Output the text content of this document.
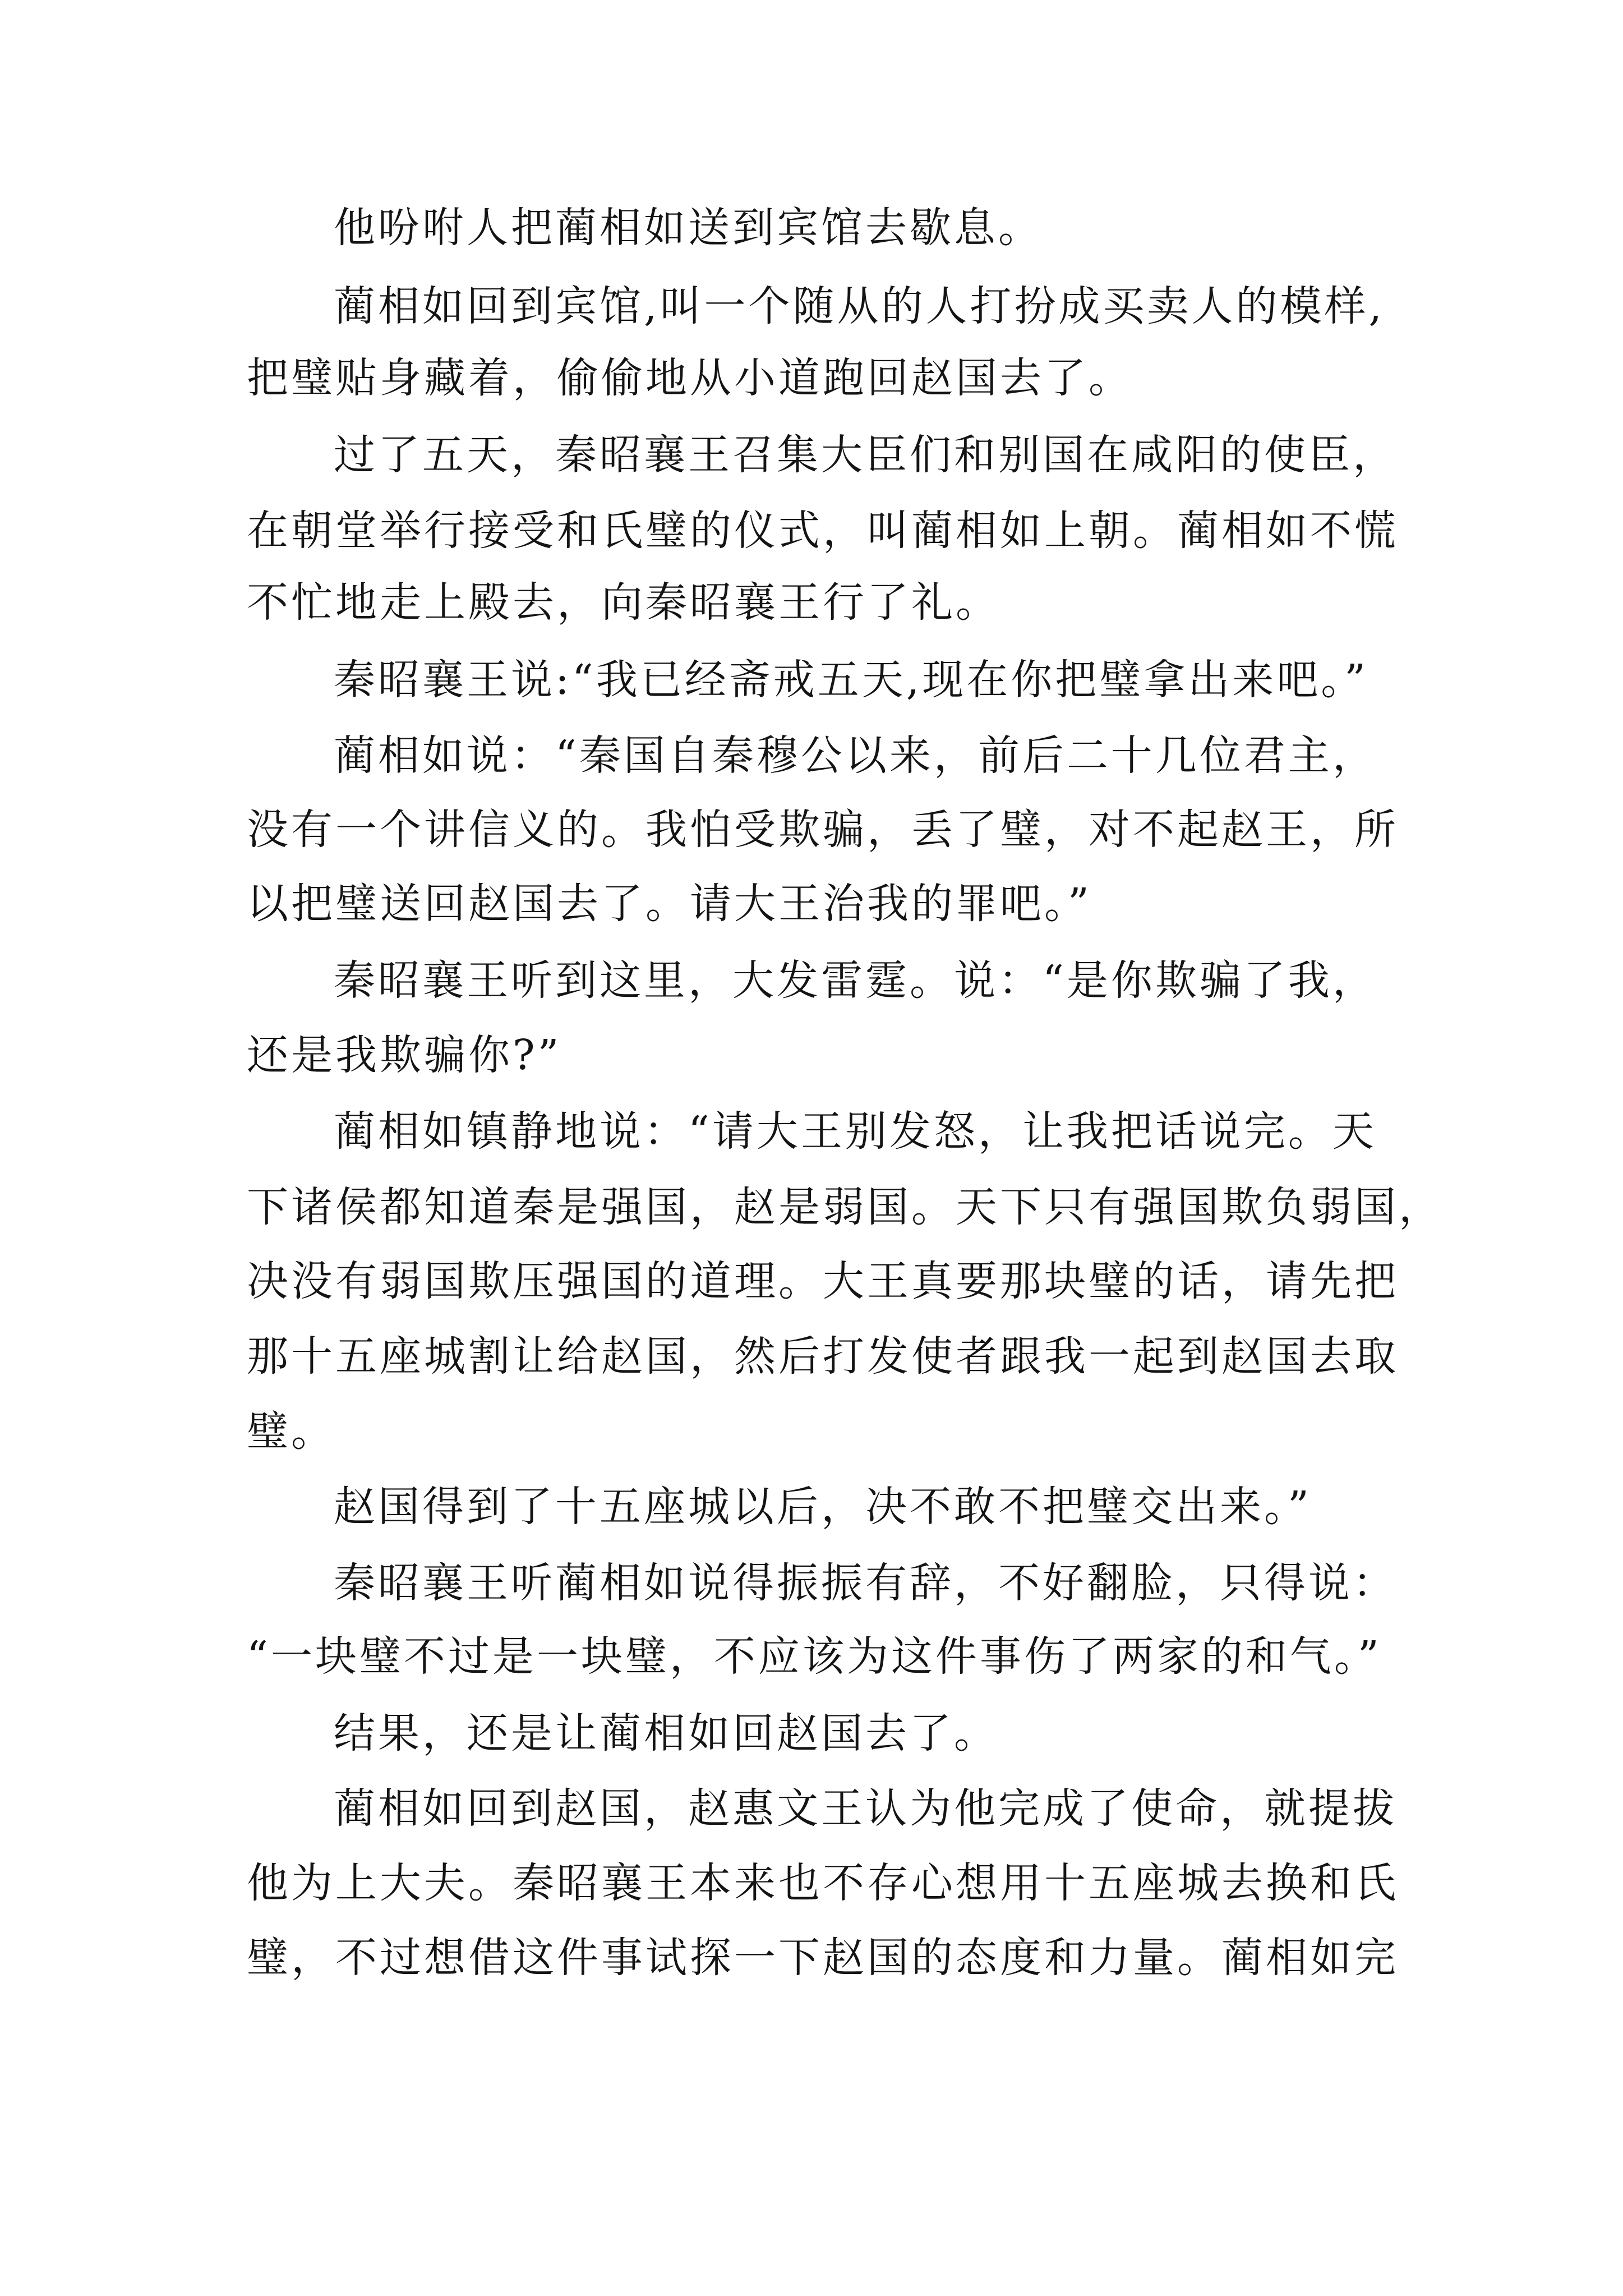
他吩咐人把蔺相如送到宾馆去歇息。
蔺相如回到宾馆,叫一个随从的人打扮成买卖人的模样,
把璧贴身藏着，偷偷地从小道跑回赵国去了。
过了五天，秦昭襄王召集大臣们和别国在咸阳的使臣，
在朝堂举行接受和氏璧的仪式，叫蔺相如上朝。蔺相如不慌
不忙地走上殿去，向秦昭襄王行了礼。
秦昭襄王说:“我已经斋戒五天,现在你把璧拿出来吧。”
蔺相如说：“秦国自秦穆公以来，前后二十几位君主，
没有一个讲信义的。我怕受欺骗，丢了璧，对不起赵王，所
以把璧送回赵国去了。请大王治我的罪吧。”
秦昭襄王听到这里，大发雷霆。说：“是你欺骗了我，
还是我欺骗你?”
蔺相如镇静地说：“请大王别发怒，让我把话说完。天
下诸侯都知道秦是强国，赵是弱国。天下只有强国欺负弱国，
决没有弱国欺压强国的道理。大王真要那块璧的话，请先把
那十五座城割让给赵国，然后打发使者跟我一起到赵国去取
璧。
赵国得到了十五座城以后，决不敢不把璧交出来。”
秦昭襄王听蔺相如说得振振有辞，不好翻脸，只得说：
“一块璧不过是一块璧，不应该为这件事伤了两家的和气。”
结果，还是让蔺相如回赵国去了。
蔺相如回到赵国，赵惠文王认为他完成了使命，就提拔
他为上大夫。秦昭襄王本来也不存心想用十五座城去换和氏
璧，不过想借这件事试探一下赵国的态度和力量。蔺相如完
